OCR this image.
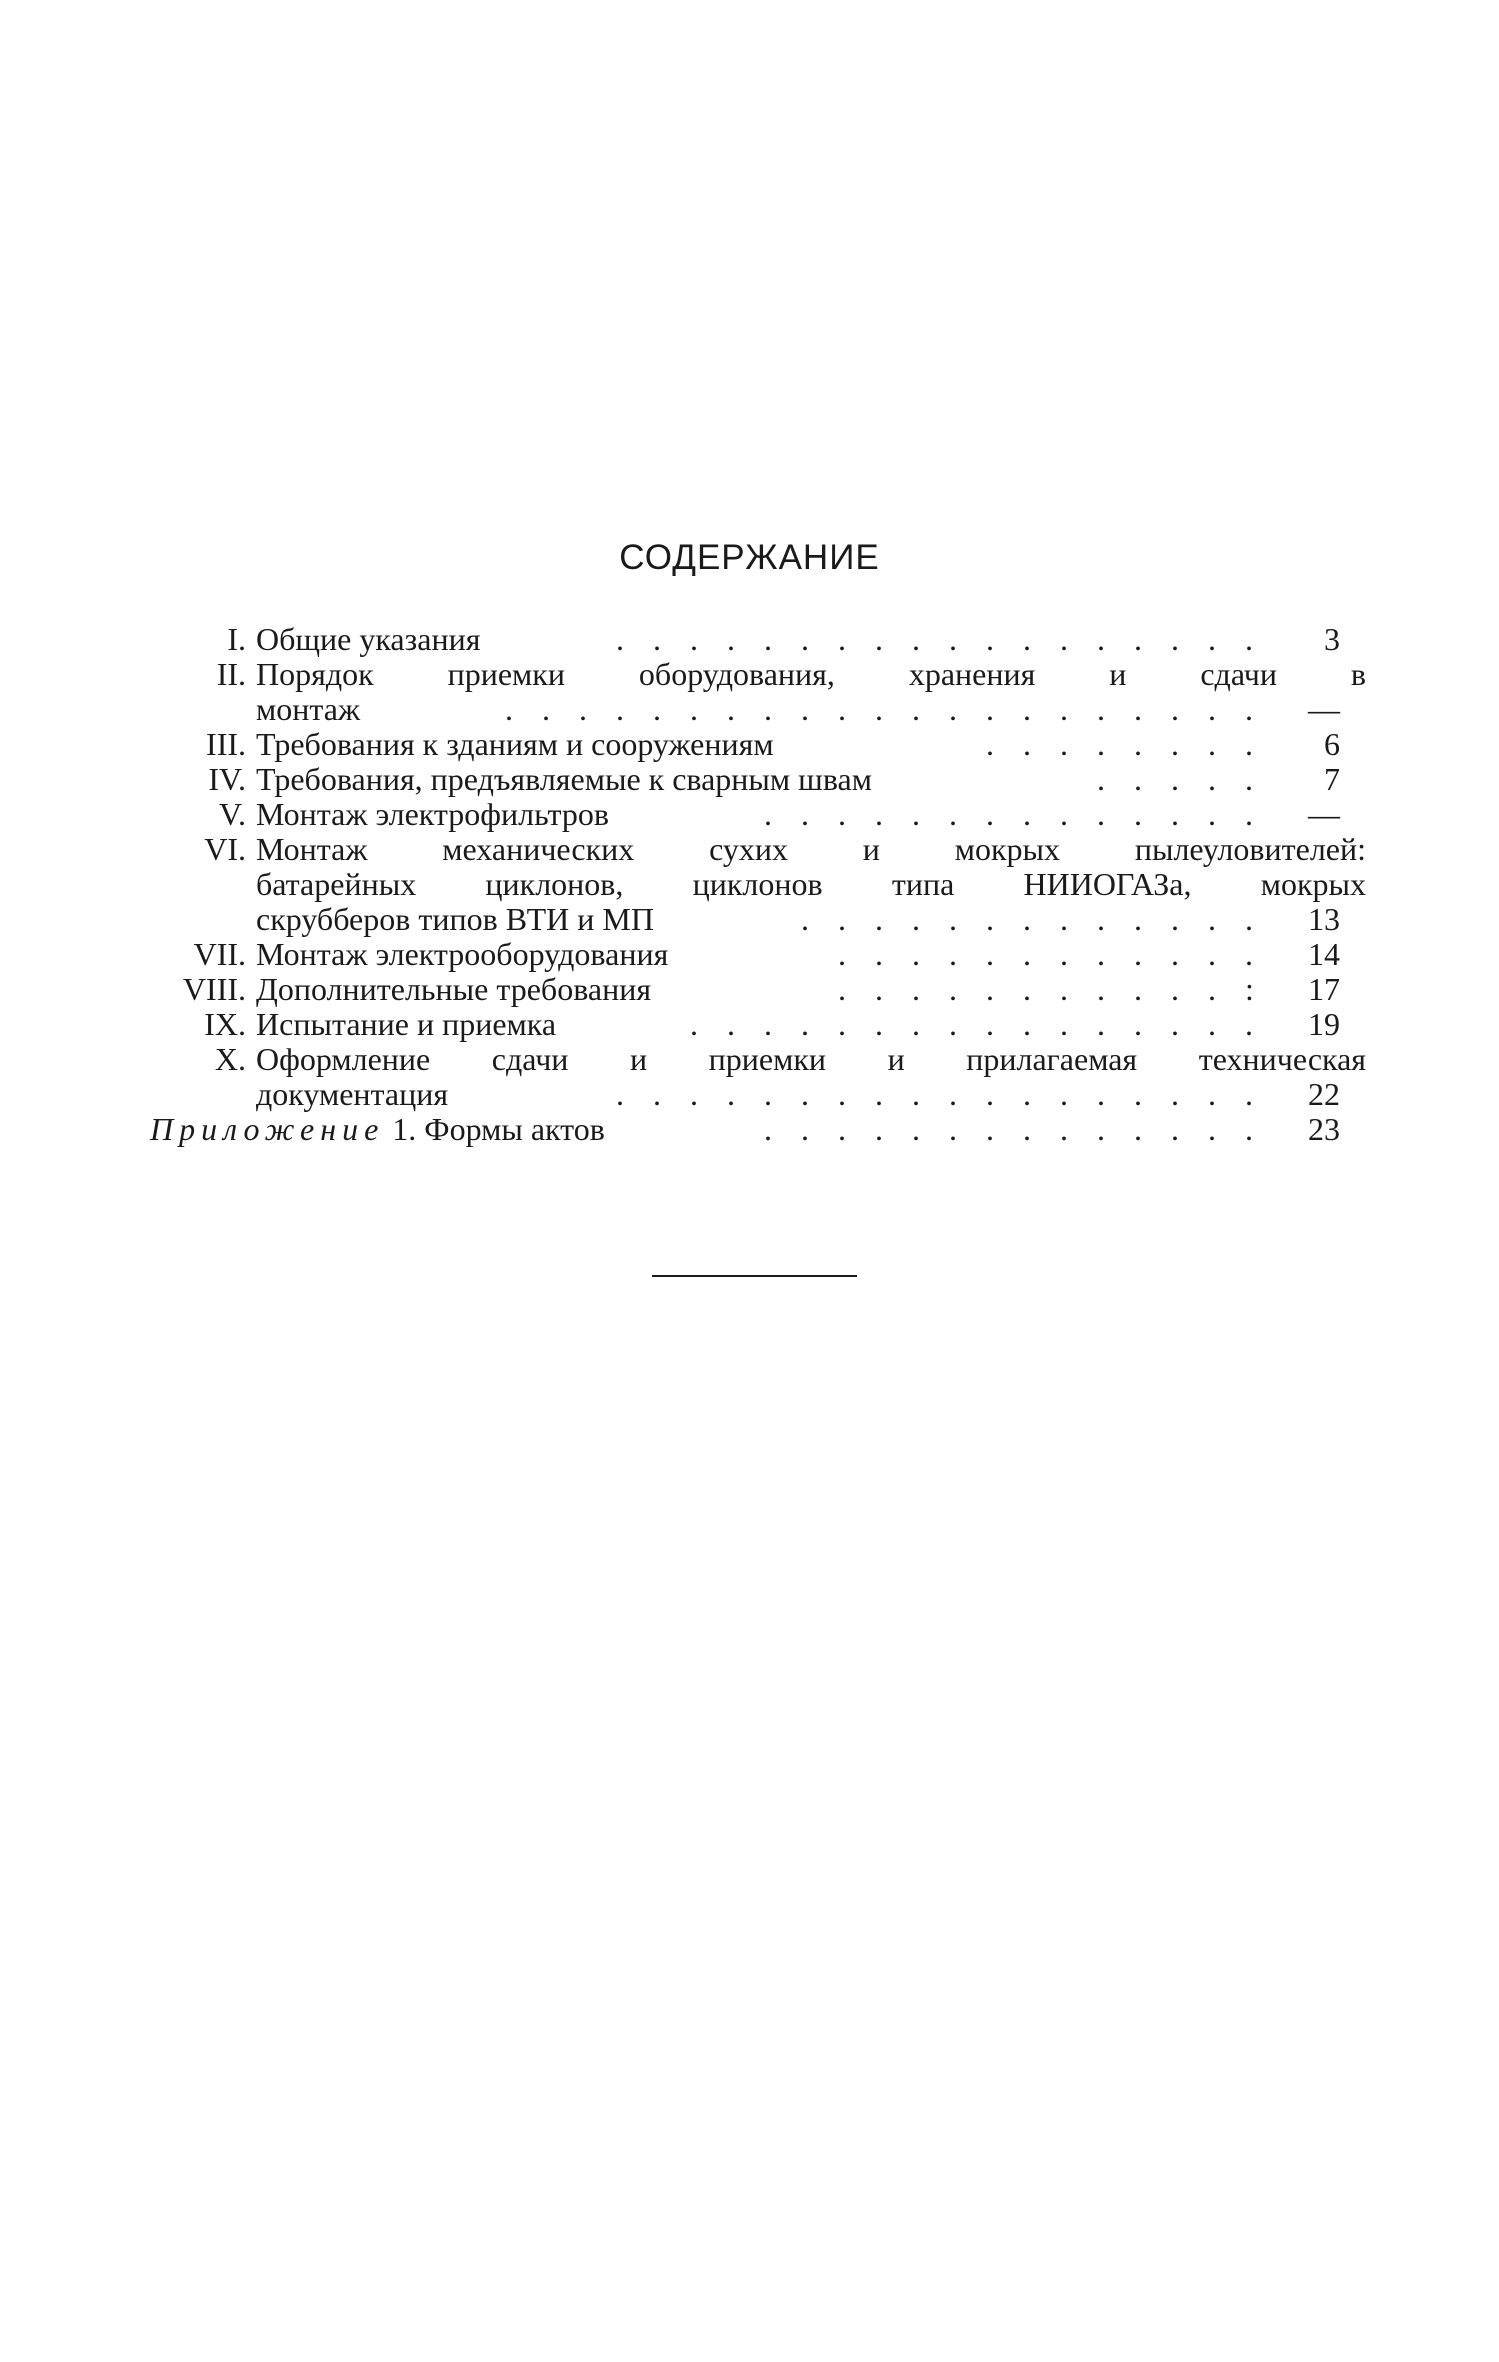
СОДЕРЖАНИЕ
I. Общие указания	. . . . . . . . . . . . . . . . . .	3
II. Порядок приемки оборудования, хранения и сдачи в
монтаж	. . . . . . . . . . . . . . . . . . . . .	—
III. Требования к зданиям и сооружениям	. . . . . . . .	6
IV. Требования, предъявляемые к сварным швам	. . . . .	7
V. Монтаж электрофильтров	. . . . . . . . . . . . . .	—
VI. Монтаж механических сухих и мокрых пылеуловителей:
батарейных циклонов, циклонов типа НИИОГАЗа, мокрых
скрубберов типов ВТИ и МП	. . . . . . . . . . . . .	13
VII. Монтаж электрооборудования	. . . . . . . . . . . .	14
VIII. Дополнительные требования	. . . . . . . . . . . :	17
IX. Испытание и приемка	. . . . . . . . . . . . . . . .	19
X. Оформление сдачи и приемки и прилагаемая техническая
документация	. . . . . . . . . . . . . . . . . .	22
Приложение 1. Формы актов	. . . . . . . . . . . . . .	23
